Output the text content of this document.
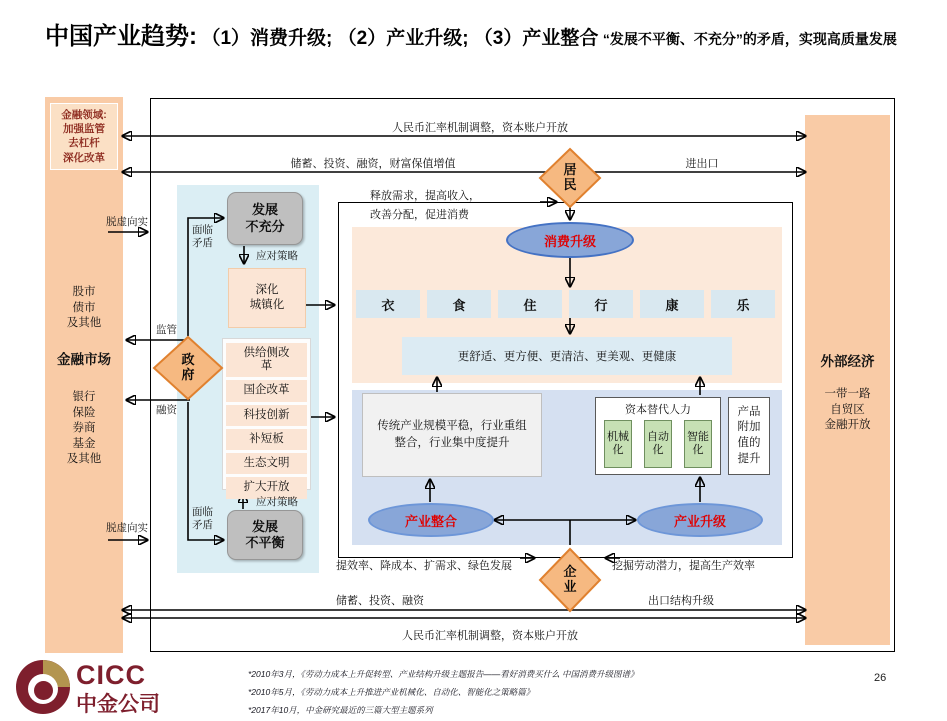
中国产业趋势: （1）消费升级; （2）产业升级; （3）产业整合 “发展不平衡、不充分”的矛盾，实现高质量发展
金融领域:
加强监管
去杠杆
深化改革
股市
债市
及其他
金融市场
银行
保险
券商
基金
及其他
外部经济
一带一路
自贸区
金融开放
发展
不充分
深化
城镇化
供给侧改革
国企改革
科技创新
补短板
生态文明
扩大开放
发展
不平衡
消费升级
衣	食	住	行	康	乐
更舒适、更方便、更清洁、更美观、更健康
传统产业规模平稳，行业重组整合，行业集中度提升
资本替代人力
机械化
自动化
智能化
产品附加值的提升
产业整合	产业升级
人民币汇率机制调整，资本账户开放
储蓄、投资、融资，财富保值增值	进出口
释放需求，提高收入，
改善分配，促进消费
脱虚向实
脱虚向实
监管
融资
面临矛盾
面临矛盾
应对策略
应对策略
提效率、降成本、扩需求、绿色发展	挖掘劳动潜力，提高生产效率
储蓄、投资、融资	出口结构升级
人民币汇率机制调整，资本账户开放
政府
居民
企业
CICC
中金公司
*2010年3月，《劳动力成本上升促转型、产业结构升级主题报告——看好消费买什么 中国消费升级图谱》
*2010年5月，《劳动力成本上升推进产业机械化、自动化、智能化之策略篇》
*2017年10月，中金研究最近的三篇大型主题系列
26
